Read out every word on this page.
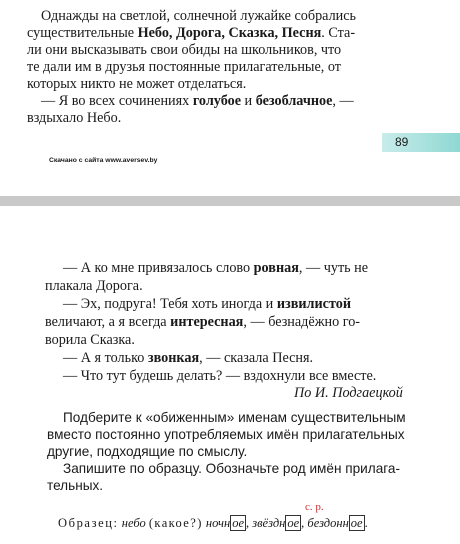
Однажды на светлой, солнечной лужайке собрались
существительные Небо, Дорога, Сказка, Песня. Ста-
ли они высказывать свои обиды на школьников, что
те дали им в друзья постоянные прилагательные, от
которых никто не может отделаться.
— Я во всех сочинениях голубое и безоблачное, —
вздыхало Небо.
89
Скачано с сайта www.aversev.by
— А ко мне привязалось слово ровная, — чуть не
плакала Дорога.
— Эх, подруга! Тебя хоть иногда и извилистой
величают, а я всегда интересная, — безнадёжно го-
ворила Сказка.
— А я только звонкая, — сказала Песня.
— Что тут будешь делать? — вздохнули все вместе.
По И. Подгаецкой
Подберите к «обиженным» именам существительным
вместо постоянно употребляемых имён прилагательных
другие, подходящие по смыслу.
Запишите по образцу. Обозначьте род имён прилага-
тельных.
с. р.
Образец: небо (какое?) ночн ое , звёздн ое , бездонн ое .
